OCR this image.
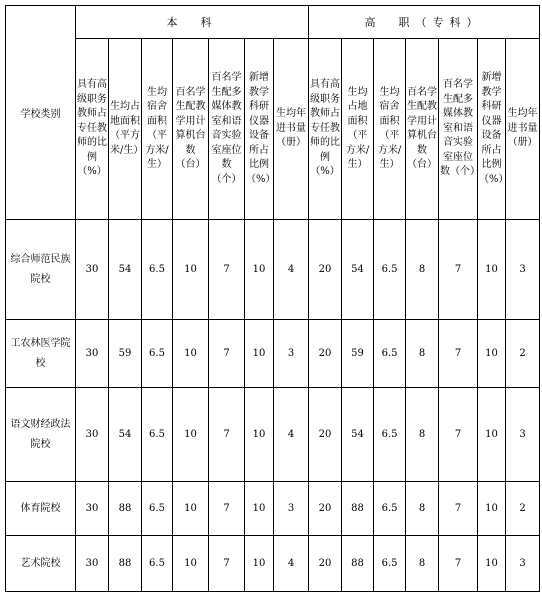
学校类别	本　科							高　职（专科）						

	具有高级职务教师占专任教师的比例（%）	生均占地面积（平方米/生）	生均宿舍面积（平方米/生）	百名学生配教学用计算机台数（台）	百名学生配多媒体教室和语音实验室座位数（个）	新增教学科研仪器设备所占比例（%）	生均年进书量（册）	具有高级职务教师占专任教师的比例（%）	生均占地面积（平方米/生）	生均宿舍面积（平方米/生）	百名学生配教学用计算机台数（台）	百名学生配多媒体教室和语音实验室座位数（个）	新增教学科研仪器设备所占比例（%）	生均年进书量（册）

综合师范民族院校	30	54	6.5	10	7	10	4	20	54	6.5	8	7	10	3
工农林医学院校	30	59	6.5	10	7	10	3	20	59	6.5	8	7	10	2
语文财经政法院校	30	54	6.5	10	7	10	4	20	54	6.5	8	7	10	3
体育院校	30	88	6.5	10	7	10	3	20	88	6.5	8	7	10	2
艺术院校	30	88	6.5	10	7	10	4	20	88	6.5	8	7	10	3
